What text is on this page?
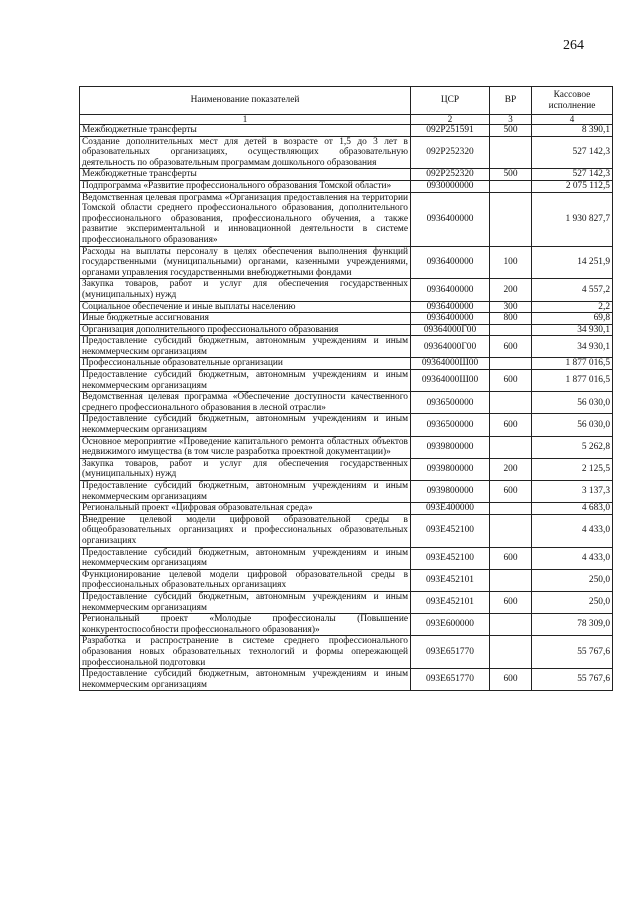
264
Наименование показателей	ЦСР	ВР	Кассовое исполнение
1	2	3	4
Межбюджетные трансферты	092P251591	500	8 390,1
Создание дополнительных мест для детей в возрасте от 1,5 до 3 лет в образовательных организациях, осуществляющих образовательную деятельность по образовательным программам дошкольного образования	092P252320		527 142,3
Межбюджетные трансферты	092P252320	500	527 142,3
Подпрограмма «Развитие профессионального образования Томской области»	0930000000		2 075 112,5
Ведомственная целевая программа «Организация предоставления на территории Томской области среднего профессионального образования, дополнительного профессионального образования, профессионального обучения, а также развитие экспериментальной и инновационной деятельности в системе профессионального образования»	0936400000		1 930 827,7
Расходы на выплаты персоналу в целях обеспечения выполнения функций государственными (муниципальными) органами, казенными учреждениями, органами управления государственными внебюджетными фондами	0936400000	100	14 251,9
Закупка товаров, работ и услуг для обеспечения государственных (муниципальных) нужд	0936400000	200	4 557,2
Социальное обеспечение и иные выплаты населению	0936400000	300	2,2
Иные бюджетные ассигнования	0936400000	800	69,8
Организация дополнительного профессионального образования	09364000Г00		34 930,1
Предоставление субсидий бюджетным, автономным учреждениям и иным некоммерческим организациям	09364000Г00	600	34 930,1
Профессиональные образовательные организации	09364000Ш00		1 877 016,5
Предоставление субсидий бюджетным, автономным учреждениям и иным некоммерческим организациям	09364000Ш00	600	1 877 016,5
Ведомственная целевая программа «Обеспечение доступности качественного среднего профессионального образования в лесной отрасли»	0936500000		56 030,0
Предоставление субсидий бюджетным, автономным учреждениям и иным некоммерческим организациям	0936500000	600	56 030,0
Основное мероприятие «Проведение капитального ремонта областных объектов недвижимого имущества (в том числе разработка проектной документации)»	0939800000		5 262,8
Закупка товаров, работ и услуг для обеспечения государственных (муниципальных) нужд	0939800000	200	2 125,5
Предоставление субсидий бюджетным, автономным учреждениям и иным некоммерческим организациям	0939800000	600	3 137,3
Региональный проект «Цифровая образовательная среда»	093E400000		4 683,0
Внедрение целевой модели цифровой образовательной среды в общеобразовательных организациях и профессиональных образовательных организациях	093E452100		4 433,0
Предоставление субсидий бюджетным, автономным учреждениям и иным некоммерческим организациям	093E452100	600	4 433,0
Функционирование целевой модели цифровой образовательной среды в профессиональных образовательных организациях	093E452101		250,0
Предоставление субсидий бюджетным, автономным учреждениям и иным некоммерческим организациям	093E452101	600	250,0
Региональный проект «Молодые профессионалы (Повышение конкурентоспособности профессионального образования)»	093E600000		78 309,0
Разработка и распространение в системе среднего профессионального образования новых образовательных технологий и формы опережающей профессиональной подготовки	093E651770		55 767,6
Предоставление субсидий бюджетным, автономным учреждениям и иным некоммерческим организациям	093E651770	600	55 767,6
